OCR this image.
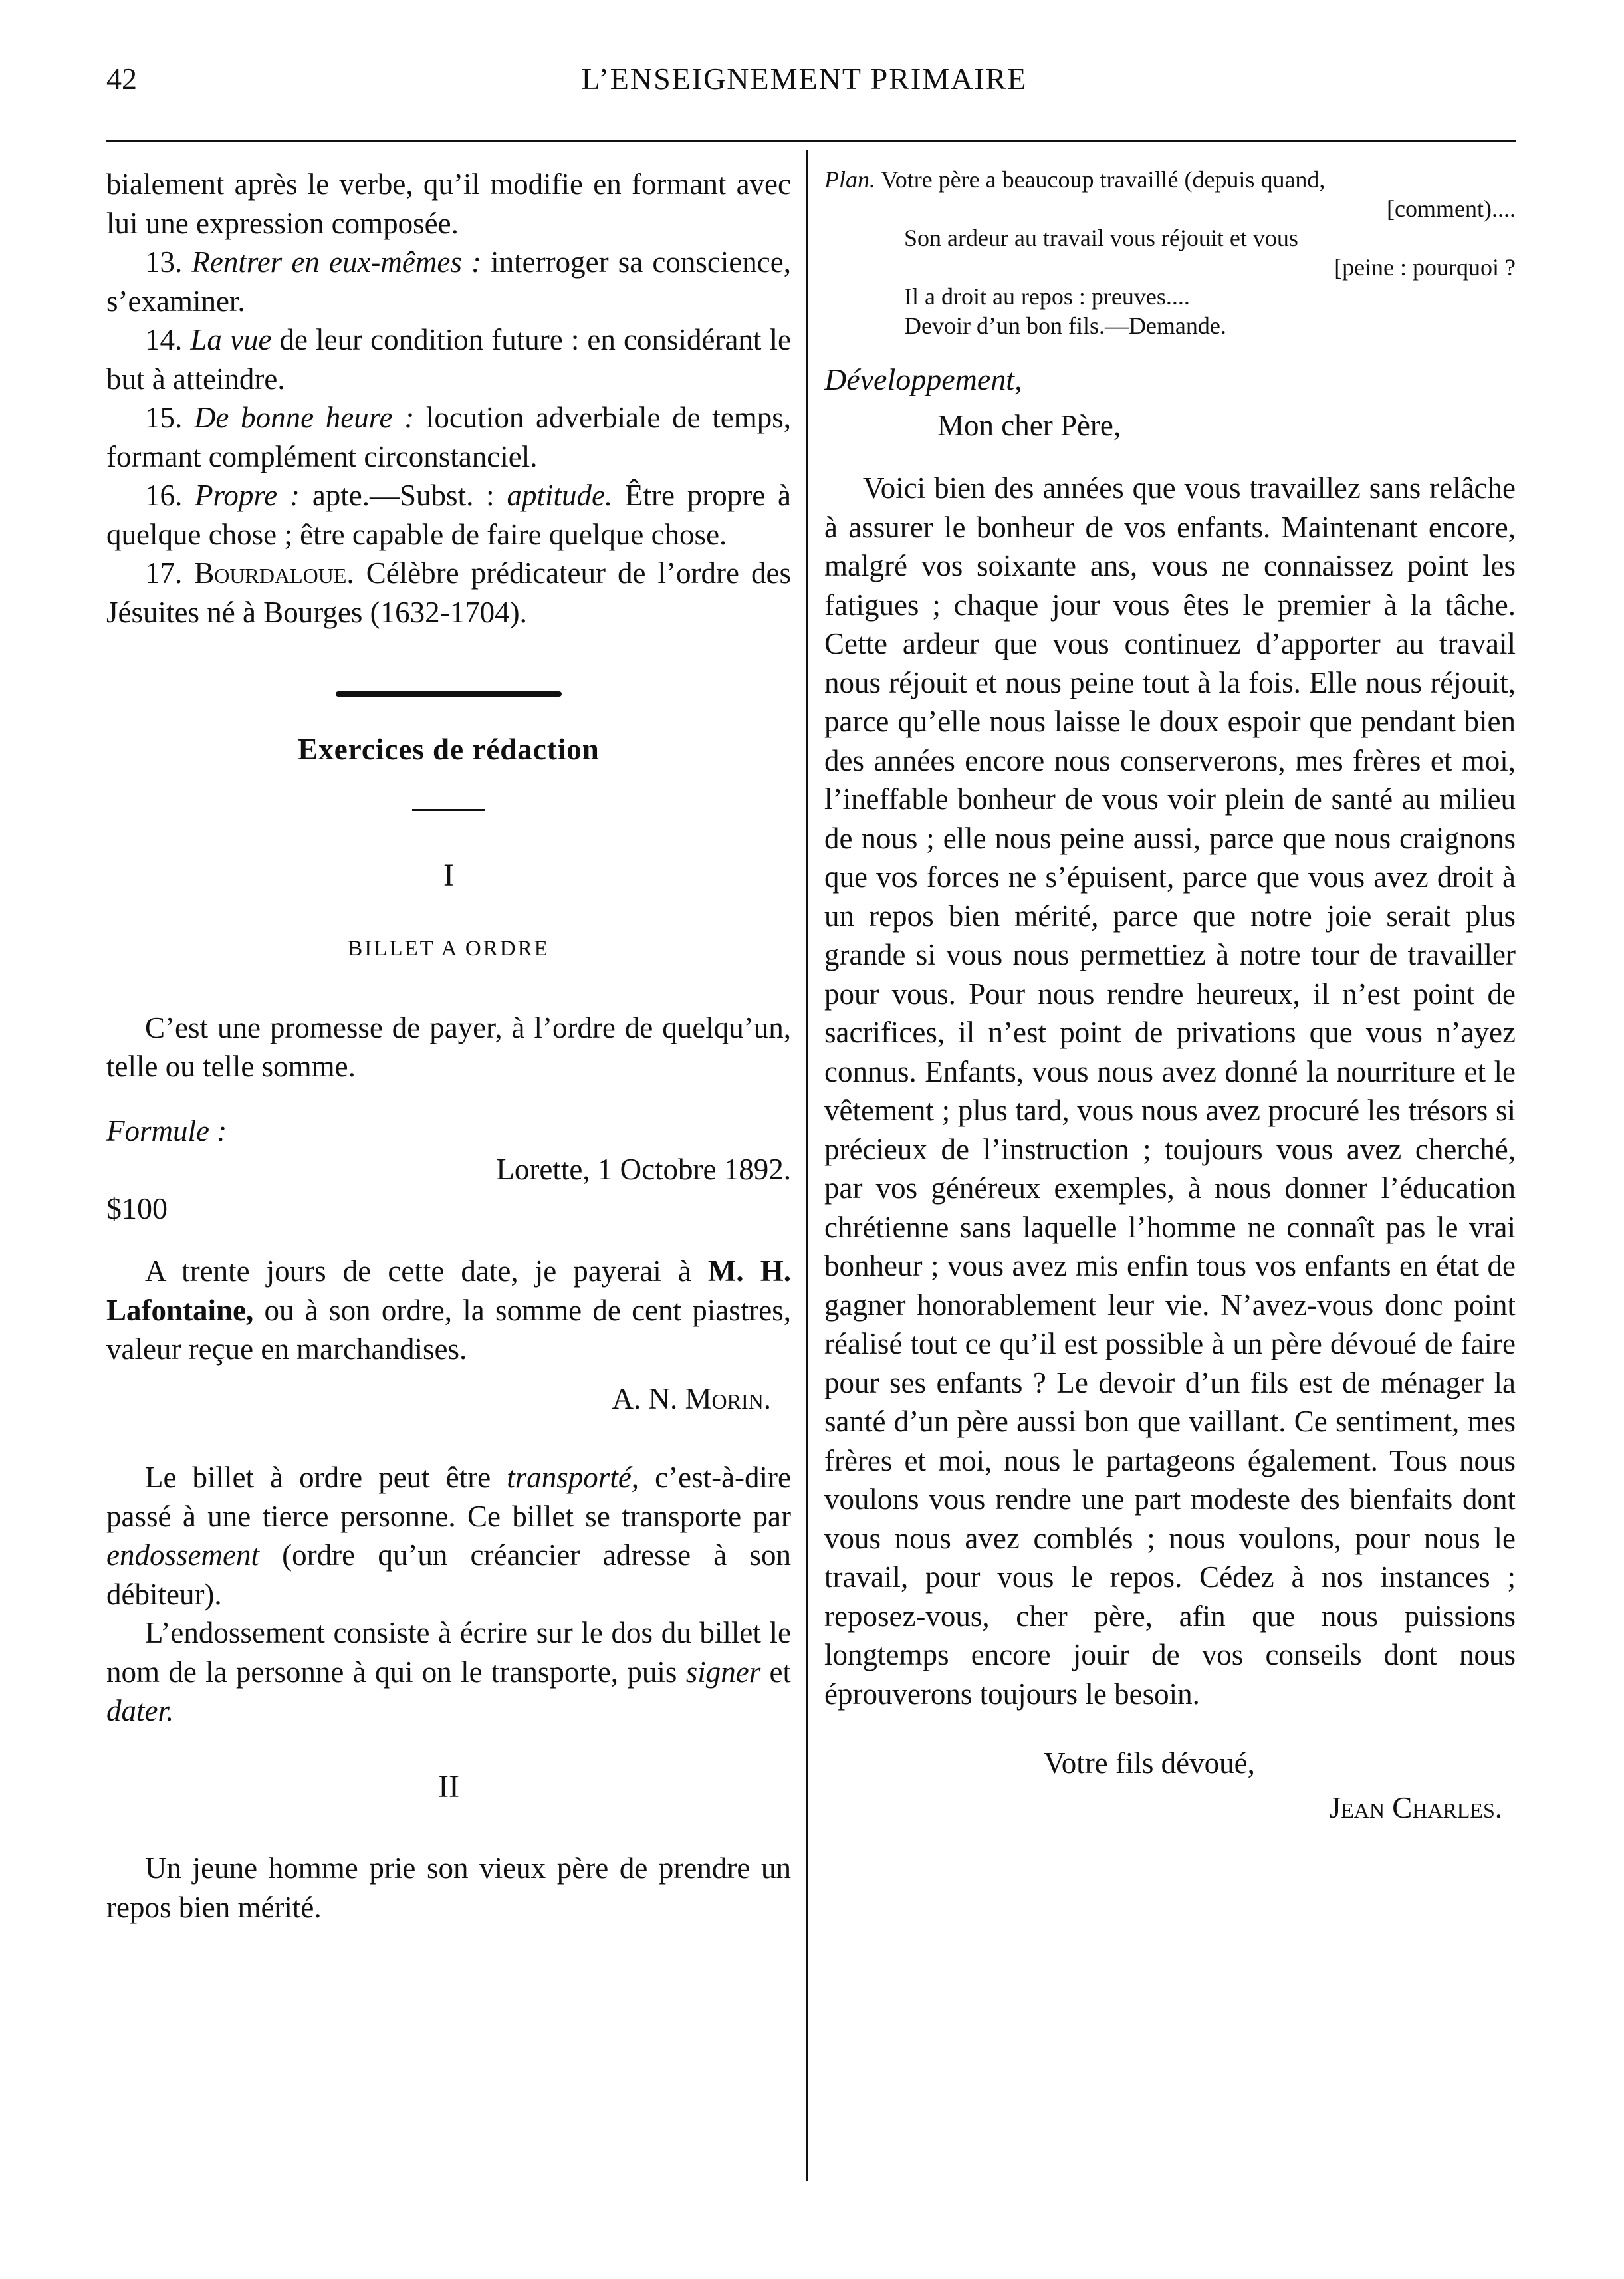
42	L’ENSEIGNEMENT PRIMAIRE

bialement après le verbe, qu’il modifie en formant avec lui une expression composée.

13. Rentrer en eux-mêmes : interroger sa conscience, s’examiner.

14. La vue de leur condition future : en considérant le but à atteindre.

15. De bonne heure : locution adverbiale de temps, formant complément circonstanciel.

16. Propre : apte.—Subst. : aptitude. Être propre à quelque chose ; être capable de faire quelque chose.

17. Bourdaloue. Célèbre prédicateur de l’ordre des Jésuites né à Bourges (1632-1704).

Exercices de rédaction
I
BILLET A ORDRE

C’est une promesse de payer, à l’ordre de quelqu’un, telle ou telle somme.

Formule :

Lorette, 1 Octobre 1892.

$100

A trente jours de cette date, je payerai à M. H. Lafontaine, ou à son ordre, la somme de cent piastres, valeur reçue en marchandises.

A. N. Morin.

Le billet à ordre peut être transporté, c’est-à-dire passé à une tierce personne. Ce billet se transporte par endossement (ordre qu’un créancier adresse à son débiteur).

L’endossement consiste à écrire sur le dos du billet le nom de la personne à qui on le transporte, puis signer et dater.

II

Un jeune homme prie son vieux père de prendre un repos bien mérité.

Plan. Votre père a beaucoup travaillé (depuis quand,

[comment)....

Son ardeur au travail vous réjouit et vous

[peine : pourquoi ?

Il a droit au repos : preuves....

Devoir d’un bon fils.—Demande.

Développement,

Mon cher Père,

Voici bien des années que vous travaillez sans relâche à assurer le bonheur de vos enfants. Maintenant encore, malgré vos soixante ans, vous ne connaissez point les fatigues ; chaque jour vous êtes le premier à la tâche. Cette ardeur que vous continuez d’apporter au travail nous réjouit et nous peine tout à la fois. Elle nous réjouit, parce qu’elle nous laisse le doux espoir que pendant bien des années encore nous conserverons, mes frères et moi, l’ineffable bonheur de vous voir plein de santé au milieu de nous ; elle nous peine aussi, parce que nous craignons que vos forces ne s’épuisent, parce que vous avez droit à un repos bien mérité, parce que notre joie serait plus grande si vous nous permettiez à notre tour de travailler pour vous. Pour nous rendre heureux, il n’est point de sacrifices, il n’est point de privations que vous n’ayez connus. Enfants, vous nous avez donné la nourriture et le vêtement ; plus tard, vous nous avez procuré les trésors si précieux de l’instruction ; toujours vous avez cherché, par vos généreux exemples, à nous donner l’éducation chrétienne sans laquelle l’homme ne connaît pas le vrai bonheur ; vous avez mis enfin tous vos enfants en état de gagner honorablement leur vie. N’avez-vous donc point réalisé tout ce qu’il est possible à un père dévoué de faire pour ses enfants ? Le devoir d’un fils est de ménager la santé d’un père aussi bon que vaillant. Ce sentiment, mes frères et moi, nous le partageons également. Tous nous voulons vous rendre une part modeste des bienfaits dont vous nous avez comblés ; nous voulons, pour nous le travail, pour vous le repos. Cédez à nos instances ; reposez-vous, cher père, afin que nous puissions longtemps encore jouir de vos conseils dont nous éprouverons toujours le besoin.

Votre fils dévoué,

Jean Charles.
